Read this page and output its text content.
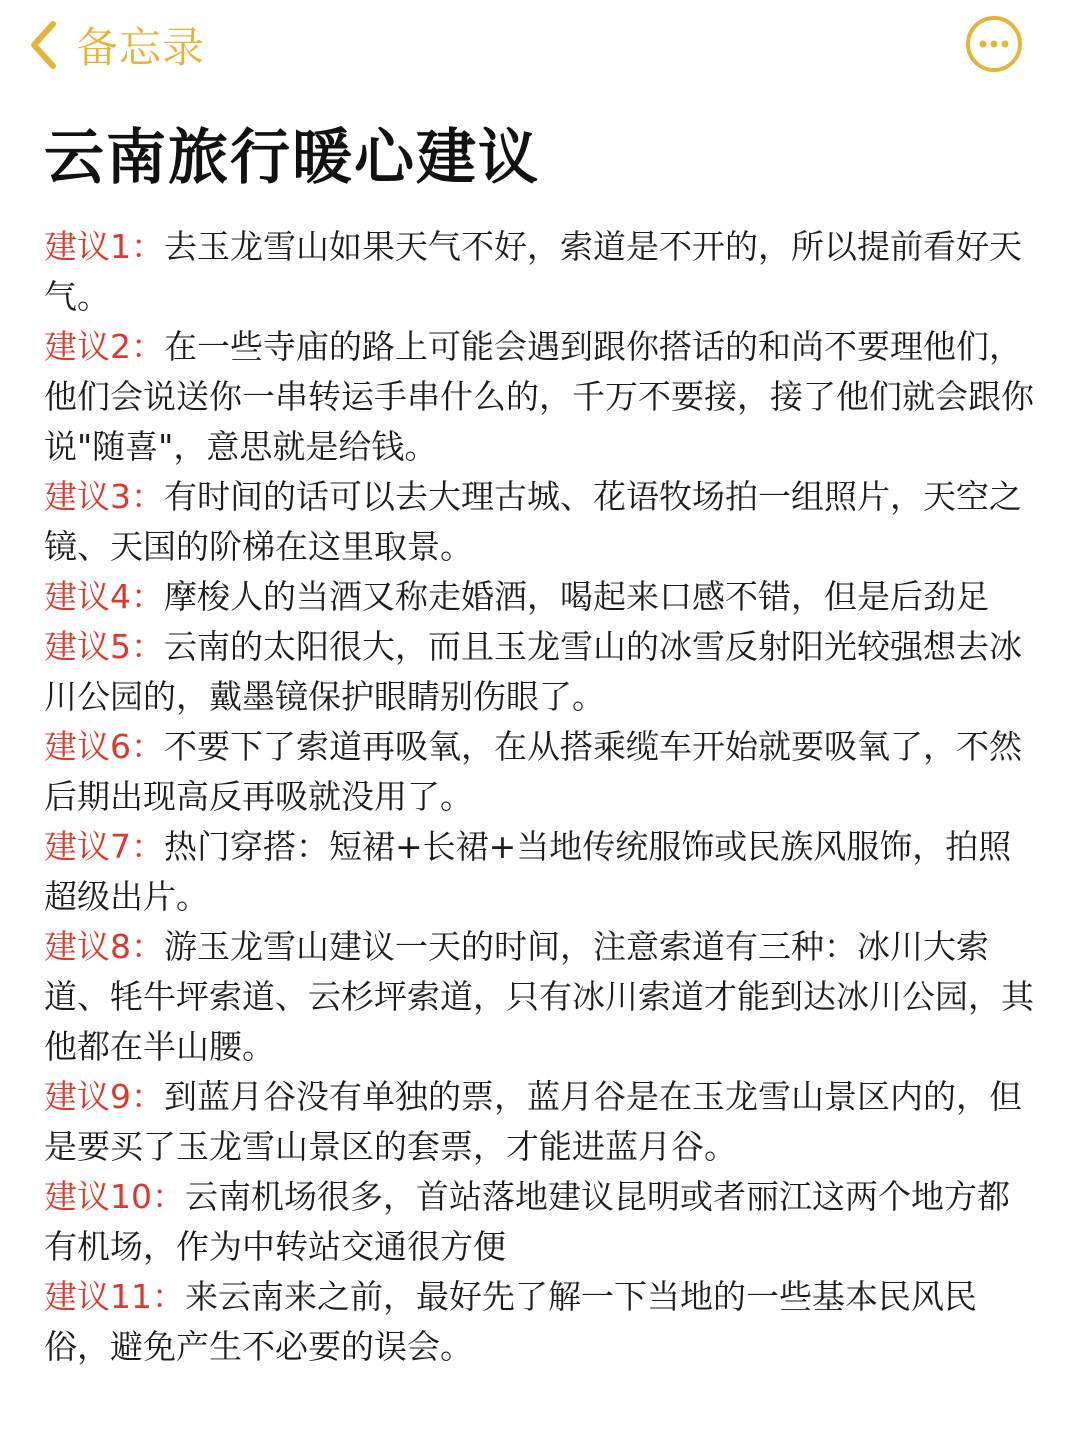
备忘录
云南旅行暖心建议
建议1：去玉龙雪山如果天气不好，索道是不开的，所以提前看好天气。
建议2：在一些寺庙的路上可能会遇到跟你搭话的和尚不要理他们，他们会说送你一串转运手串什么的，千万不要接，接了他们就会跟你说"随喜"，意思就是给钱。
建议3：有时间的话可以去大理古城、花语牧场拍一组照片，天空之镜、天国的阶梯在这里取景。
建议4：摩梭人的当酒又称走婚酒，喝起来口感不错，但是后劲足
建议5：云南的太阳很大，而且玉龙雪山的冰雪反射阳光较强想去冰川公园的，戴墨镜保护眼睛别伤眼了。
建议6：不要下了索道再吸氧，在从搭乘缆车开始就要吸氧了，不然后期出现高反再吸就没用了。
建议7：热门穿搭：短裙+长裙+当地传统服饰或民族风服饰，拍照超级出片。
建议8：游玉龙雪山建议一天的时间，注意索道有三种：冰川大索道、牦牛坪索道、云杉坪索道，只有冰川索道才能到达冰川公园，其他都在半山腰。
建议9：到蓝月谷没有单独的票，蓝月谷是在玉龙雪山景区内的，但是要买了玉龙雪山景区的套票，才能进蓝月谷。
建议10：云南机场很多，首站落地建议昆明或者丽江这两个地方都有机场，作为中转站交通很方便
建议11：来云南来之前，最好先了解一下当地的一些基本民风民俗，避免产生不必要的误会。
